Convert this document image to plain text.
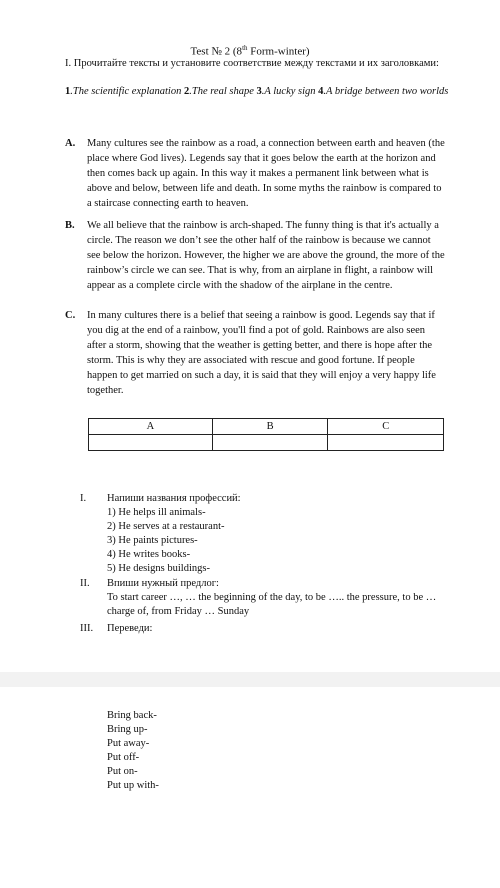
Test № 2 (8th Form-winter)
I. Прочитайте тексты и установите соответствие между текстами и их заголовками:
1.The scientific explanation 2.The real shape 3.A lucky sign 4.A bridge between two worlds
A.	Many cultures see the rainbow as a road, a connection between earth and heaven (the place where God lives). Legends say that it goes below the earth at the horizon and then comes back up again. In this way it makes a permanent link between what is above and below, between life and death. In some myths the rainbow is compared to a staircase connecting earth to heaven.
B.	We all believe that the rainbow is arch-shaped. The funny thing is that it's actually a circle. The reason we don’t see the other half of the rainbow is because we cannot see below the horizon. However, the higher we are above the ground, the more of the rainbow’s circle we can see. That is why, from an airplane in flight, a rainbow will appear as a complete circle with the shadow of the airplane in the centre.
C.	In many cultures there is a belief that seeing a rainbow is good. Legends say that if you dig at the end of a rainbow, you'll find a pot of gold. Rainbows are also seen after a storm, showing that the weather is getting better, and there is hope after the storm. This is why they are associated with rescue and good fortune. If people happen to get married on such a day, it is said that they will enjoy a very happy life together.
A	B	C

I. Напиши названия профессий:
1) He helps ill animals-
2) He serves at a restaurant-
3) He paints pictures-
4) He writes books-
5) He designs buildings-
II. Впиши нужный предлог:
To start career …, … the beginning of the day, to be ….. the pressure, to be … charge of, from Friday … Sunday
III. Переведи:
Bring back-
Bring up-
Put away-
Put off-
Put on-
Put up with-
